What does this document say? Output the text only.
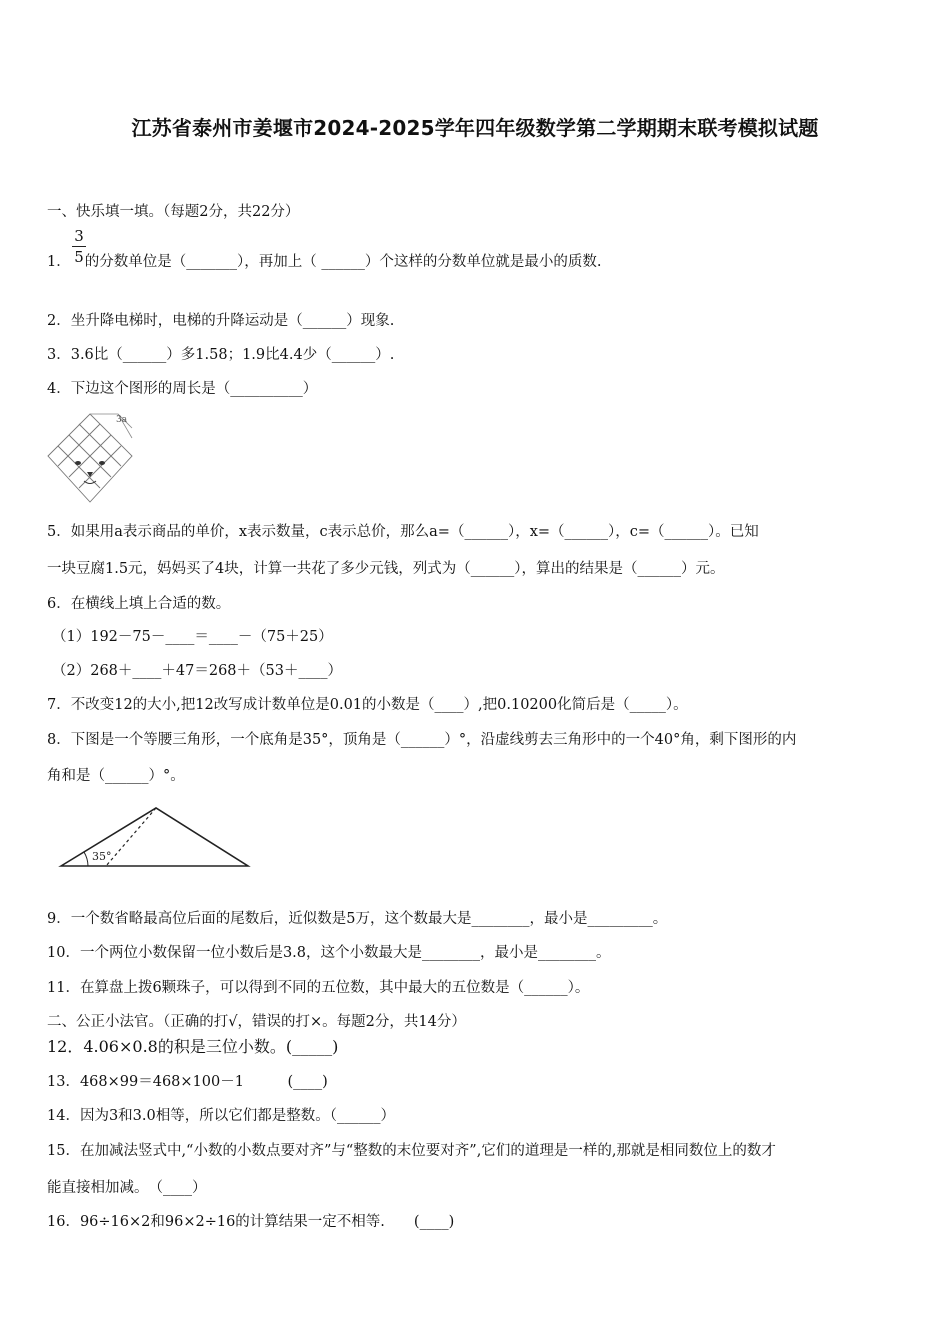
江苏省泰州市姜堰市2024-2025学年四年级数学第二学期期末联考模拟试题
一、快乐填一填。（每题2分，共22分）
1． 的分数单位是（_______），再加上（ ______）个这样的分数单位就是最小的质数.
3
5
2．坐升降电梯时，电梯的升降运动是（______）现象.
3．3.6比（______）多1.58；1.9比4.4少（______）.
4．下边这个图形的周长是（__________）
3a
5．如果用a表示商品的单价，x表示数量，c表示总价，那么a=（______），x=（______），c=（______）。已知
一块豆腐1.5元，妈妈买了4块，计算一共花了多少元钱，列式为（______），算出的结果是（______）元。
6．在横线上填上合适的数。
（1）192－75－____＝____－（75＋25）
（2）268＋____＋47＝268＋（53＋____）
7．不改变12的大小,把12改写成计数单位是0.01的小数是（____）,把0.10200化简后是（_____）。
8．下图是一个等腰三角形，一个底角是35°，顶角是（______）°，沿虚线剪去三角形中的一个40°角，剩下图形的内
角和是（______）°。
35°
9．一个数省略最高位后面的尾数后，近似数是5万，这个数最大是________，最小是_________。
10．一个两位小数保留一位小数后是3.8，这个小数最大是________，最小是________。
11．在算盘上拨6颗珠子，可以得到不同的五位数，其中最大的五位数是（______）。
二、公正小法官。（正确的打√，错误的打×。每题2分，共14分）
12．4.06×0.8的积是三位小数。(_____)
13．468×99＝468×100－1　　　(____)
14．因为3和3.0相等，所以它们都是整数。（______）
15．在加减法竖式中,“小数的小数点要对齐”与“整数的末位要对齐”,它们的道理是一样的,那就是相同数位上的数才
能直接相加减。　（____）
16．96÷16×2和96×2÷16的计算结果一定不相等.　　(____)
